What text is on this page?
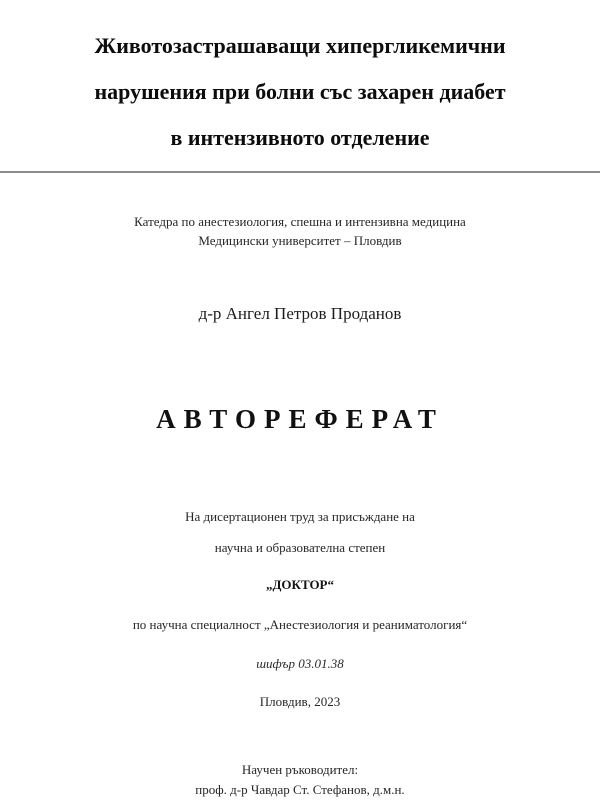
Животозастрашаващи хипергликемични
нарушения при болни със захарен диабет
в интензивното отделение
Катедра по анестезиология, спешна и интензивна медицина
Медицински университет – Пловдив
д-р Ангел Петров Проданов
АВТОРЕФЕРАТ
На дисертационен труд за присъждане на
научна и образователна степен
„ДОКТОР“
по научна специалност „Анестезиология и реаниматология“
шифър 03.01.38
Пловдив, 2023
Научен ръководител:
проф. д-р Чавдар Ст. Стефанов, д.м.н.
